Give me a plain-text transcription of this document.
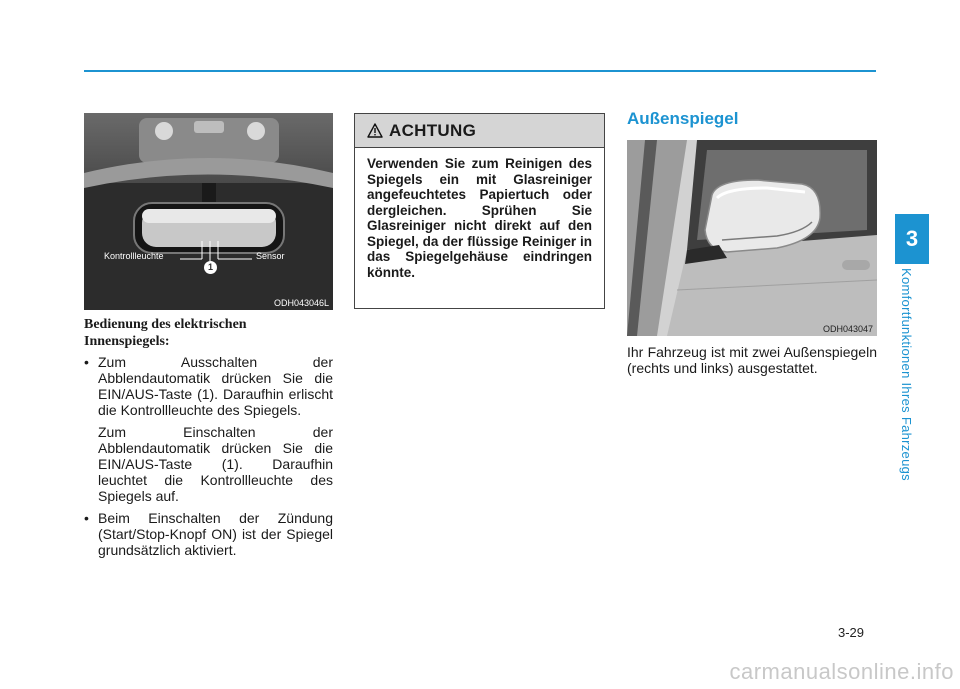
Kontrollleuchte	Sensor
1
ODH043046L
Bedienung des elektrischen Innenspiegels:
• Zum Ausschalten der Abblendautomatik drücken Sie die EIN/AUS-Taste (1). Daraufhin erlischt die Kontrollleuchte des Spiegels.

Zum Einschalten der Abblendautomatik drücken Sie die EIN/AUS-Taste (1). Daraufhin leuchtet die Kontrollleuchte des Spiegels auf.

• Beim Einschalten der Zündung (Start/Stop-Knopf ON) ist der Spiegel grundsätzlich aktiviert.

ACHTUNG

Verwenden Sie zum Reinigen des Spiegels ein mit Glasreiniger angefeuchtetes Papiertuch oder dergleichen. Sprühen Sie Glasreiniger nicht direkt auf den Spiegel, da der flüssige Reiniger in das Spiegelgehäuse eindringen könnte.

Außenspiegel
ODH043047

Ihr Fahrzeug ist mit zwei Außenspiegeln (rechts und links) ausgestattet.

3
Komfortfunktionen Ihres Fahrzeugs
3-29
carmanualsonline.info
